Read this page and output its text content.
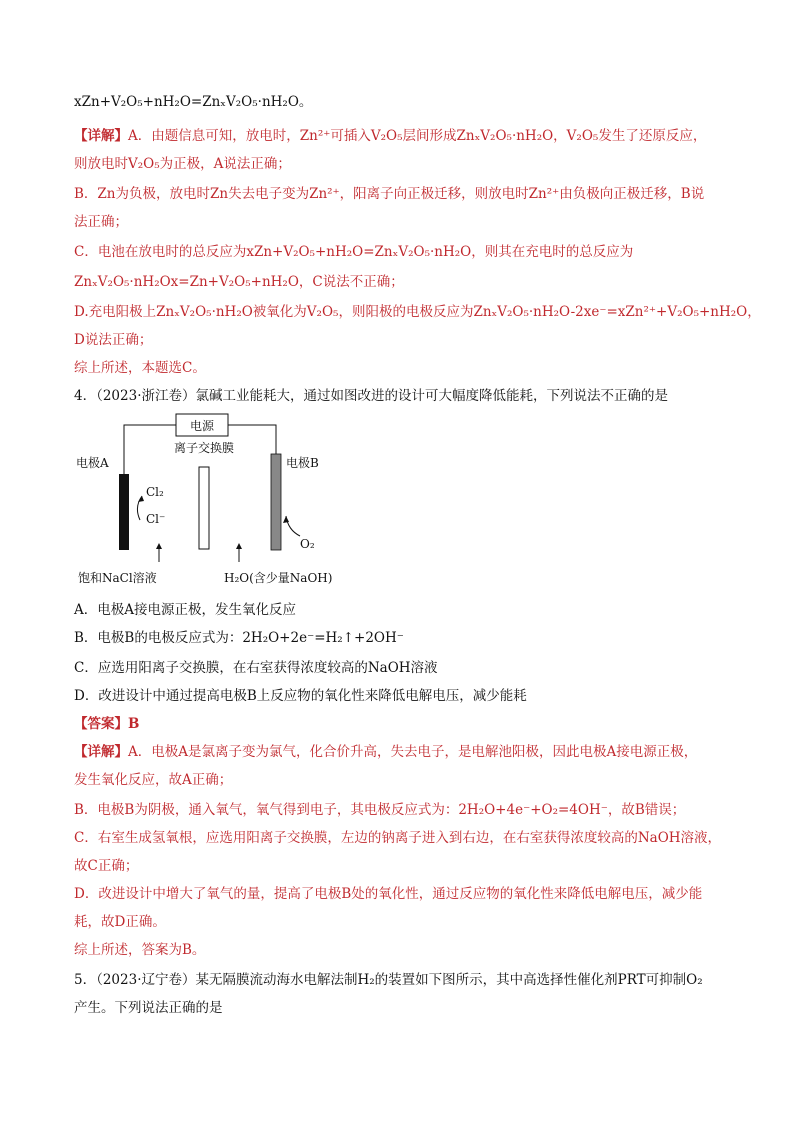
xZn+V₂O₅+nH₂O=ZnₓV₂O₅·nH₂O。
【详解】A．由题信息可知，放电时，Zn²⁺可插入V₂O₅层间形成ZnₓV₂O₅·nH₂O，V₂O₅发生了还原反应，
则放电时V₂O₅为正极，A说法正确；
B．Zn为负极，放电时Zn失去电子变为Zn²⁺，阳离子向正极迁移，则放电时Zn²⁺由负极向正极迁移，B说
法正确；
C．电池在放电时的总反应为xZn+V₂O₅+nH₂O=ZnₓV₂O₅·nH₂O，则其在充电时的总反应为
ZnₓV₂O₅·nH₂Ox=Zn+V₂O₅+nH₂O，C说法不正确；
D.充电阳极上ZnₓV₂O₅·nH₂O被氧化为V₂O₅，则阳极的电极反应为ZnₓV₂O₅·nH₂O-2xe⁻=xZn²⁺+V₂O₅+nH₂O，
D说法正确；
综上所述，本题选C。
4．（2023·浙江卷）氯碱工业能耗大，通过如图改进的设计可大幅度降低能耗，下列说法不正确的是
电源
离子交换膜
电极A	电极B
Cl₂
Cl⁻
O₂
饱和NaCl溶液	H₂O(含少量NaOH)
A．电极A接电源正极，发生氧化反应
B．电极B的电极反应式为：2H₂O+2e⁻=H₂↑+2OH⁻
C．应选用阳离子交换膜，在右室获得浓度较高的NaOH溶液
D．改进设计中通过提高电极B上反应物的氧化性来降低电解电压，减少能耗
【答案】B
【详解】A．电极A是氯离子变为氯气，化合价升高，失去电子，是电解池阳极，因此电极A接电源正极，
发生氧化反应，故A正确；
B．电极B为阴极，通入氧气，氧气得到电子，其电极反应式为：2H₂O+4e⁻+O₂=4OH⁻，故B错误；
C．右室生成氢氧根，应选用阳离子交换膜，左边的钠离子进入到右边，在右室获得浓度较高的NaOH溶液，
故C正确；
D．改进设计中增大了氧气的量，提高了电极B处的氧化性，通过反应物的氧化性来降低电解电压，减少能
耗，故D正确。
综上所述，答案为B。
5．（2023·辽宁卷）某无隔膜流动海水电解法制H₂的装置如下图所示，其中高选择性催化剂PRT可抑制O₂
产生。下列说法正确的是
